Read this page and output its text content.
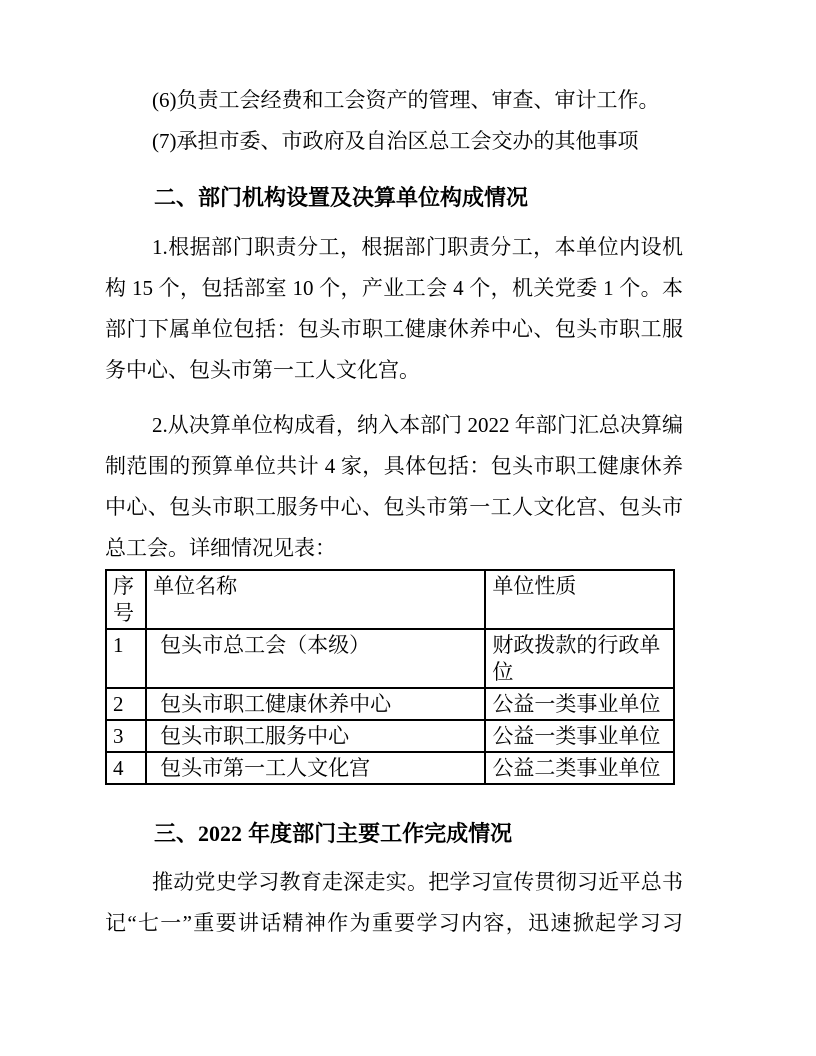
(6)负责工会经费和工会资产的管理、审查、审计工作。

(7)承担市委、市政府及自治区总工会交办的其他事项

二、部门机构设置及决算单位构成情况

1.根据部门职责分工，根据部门职责分工，本单位内设机构 15 个，包括部室 10 个，产业工会 4 个，机关党委 1 个。本部门下属单位包括：包头市职工健康休养中心、包头市职工服务中心、包头市第一工人文化宫。

2.从决算单位构成看，纳入本部门 2022 年部门汇总决算编制范围的预算单位共计 4 家，具体包括：包头市职工健康休养中心、包头市职工服务中心、包头市第一工人文化宫、包头市总工会。详细情况见表：

序号	单位名称	单位性质
1	包头市总工会（本级）	财政拨款的行政单位
2	包头市职工健康休养中心	公益一类事业单位
3	包头市职工服务中心	公益一类事业单位
4	包头市第一工人文化宫	公益二类事业单位
三、2022 年度部门主要工作完成情况

推动党史学习教育走深走实。把学习宣传贯彻习近平总书记“七一”重要讲话精神作为重要学习内容，迅速掀起学习习
